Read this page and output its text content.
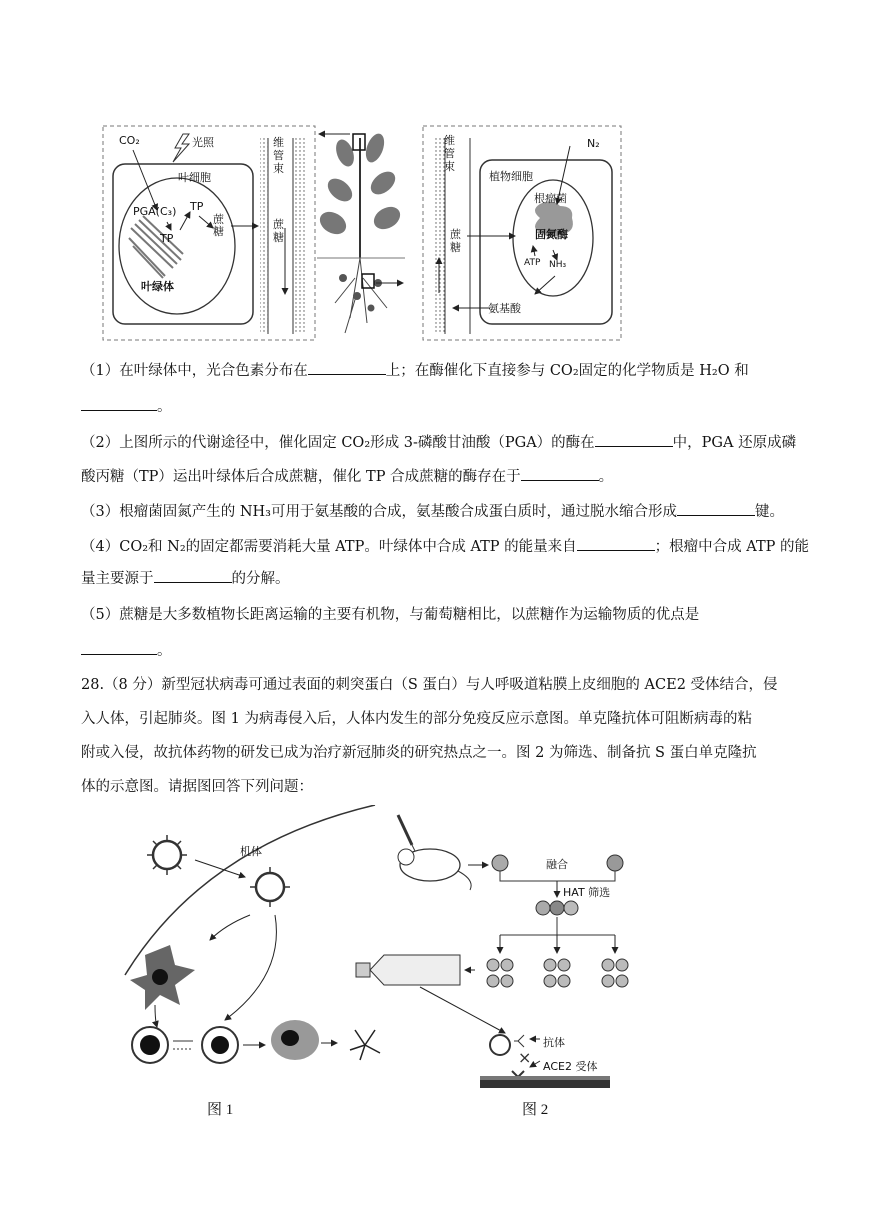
CO₂	光照
叶细胞
PGA(C₃) TP
TP
蔗糖
叶绿体
维管束
蔗糖
维管束
蔗糖
植物细胞
N₂
根瘤菌
固氮酶
ATP NH₃
氨基酸
（1）在叶绿体中，光合色素分布在	上；在酶催化下直接参与 CO₂固定的化学物质是 H₂O 和
。
（2）上图所示的代谢途径中，催化固定 CO₂形成 3-磷酸甘油酸（PGA）的酶在	中，PGA 还原成磷
酸丙糖（TP）运出叶绿体后合成蔗糖，催化 TP 合成蔗糖的酶存在于	。
（3）根瘤菌固氮产生的 NH₃可用于氨基酸的合成，氨基酸合成蛋白质时，通过脱水缩合形成	键。
（4）CO₂和 N₂的固定都需要消耗大量 ATP。叶绿体中合成 ATP 的能量来自	；根瘤中合成 ATP 的能
量主要源于	的分解。
（5）蔗糖是大多数植物长距离运输的主要有机物，与葡萄糖相比，以蔗糖作为运输物质的优点是
。
28.（8 分）新型冠状病毒可通过表面的刺突蛋白（S 蛋白）与人呼吸道粘膜上皮细胞的 ACE2 受体结合，侵
入人体，引起肺炎。图 1 为病毒侵入后，人体内发生的部分免疫反应示意图。单克隆抗体可阻断病毒的粘
附或入侵，故抗体药物的研发已成为治疗新冠肺炎的研究热点之一。图 2 为筛选、制备抗 S 蛋白单克隆抗
体的示意图。请据图回答下列问题：
机体
图 1
×
融合
HAT 筛选
抗体
ACE2 受体
图 2
